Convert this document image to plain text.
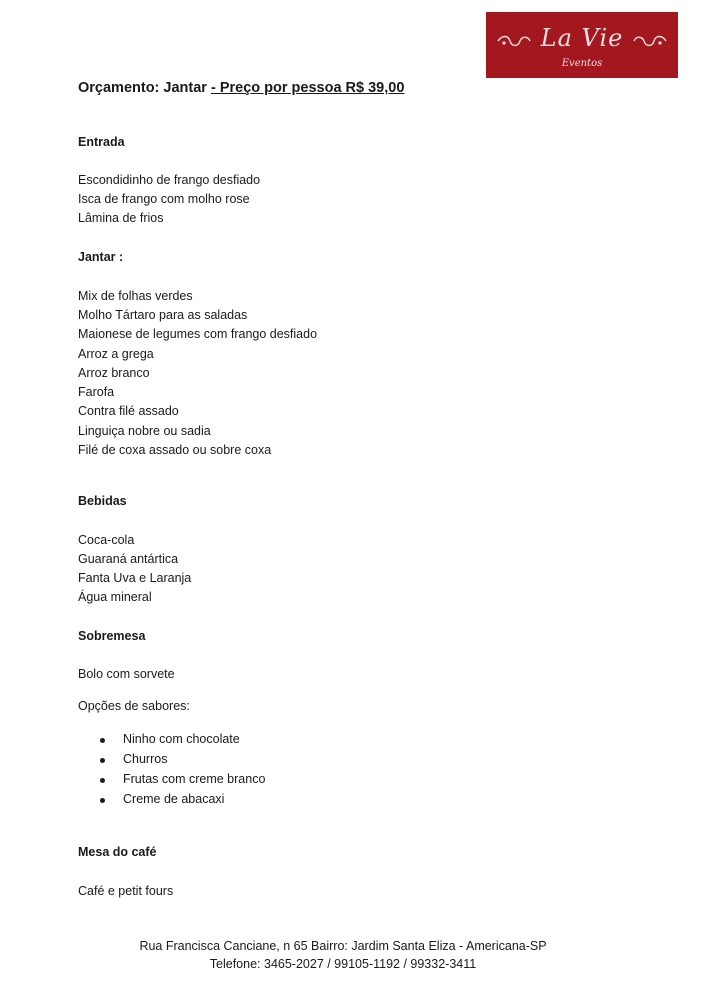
La Vie
Eventos
Orçamento: Jantar - Preço por pessoa R$ 39,00
Entrada
Escondidinho de frango desfiado
Isca de frango com molho rose
Lâmina de frios
Jantar :
Mix de folhas verdes
Molho Tártaro para as saladas
Maionese de legumes com frango desfiado
Arroz a grega
Arroz branco
Farofa
Contra filé assado
Linguiça nobre ou sadia
Filé de coxa assado ou sobre coxa
Bebidas
Coca-cola
Guaraná antártica
Fanta Uva e Laranja
Água mineral
Sobremesa
Bolo com sorvete
Opções de sabores:
Ninho com chocolate
Churros
Frutas com creme branco
Creme de abacaxi
Mesa do café
Café e petit fours
Rua Francisca Canciane, n 65 Bairro: Jardim Santa Eliza - Americana-SP
Telefone: 3465-2027 / 99105-1192 / 99332-3411
